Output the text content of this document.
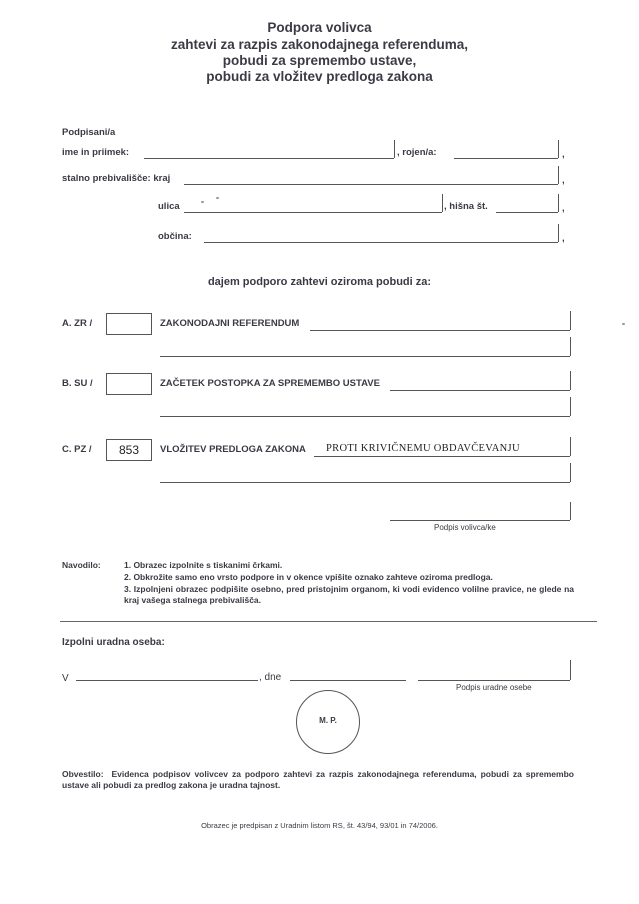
Podpora volivca
zahtevi za razpis zakonodajnega referenduma,
pobudi za spremembo ustave,
pobudi za vložitev predloga zakona
Podpisani/a
ime in priimek:	, rojen/a:	,
stalno prebivališče: kraj	,
ulica	, hišna št.	,
občina:	,
dajem podporo zahtevi oziroma pobudi za:
A. ZR /	ZAKONODAJNI REFERENDUM
B. SU /	ZAČETEK POSTOPKA ZA SPREMEMBO USTAVE
C. PZ /	853	VLOŽITEV PREDLOGA ZAKONA PROTI KRIVIČNEMU OBDAVČEVANJU
Podpis volivca/ke
Navodilo:	1. Obrazec izpolnite s tiskanimi črkami.
2. Obkrožite samo eno vrsto podpore in v okence vpišite oznako zahteve oziroma predloga.
3. Izpolnjeni obrazec podpišite osebno, pred pristojnim organom, ki vodi evidenco volilne pravice, ne glede na kraj vašega stalnega prebivališča.
Izpolni uradna oseba:
V	, dne
Podpis uradne osebe
M. P.
Obvestilo: Evidenca podpisov volivcev za podporo zahtevi za razpis zakonodajnega referenduma, pobudi za spremembo ustave ali pobudi za predlog zakona je uradna tajnost.
Obrazec je predpisan z Uradnim listom RS, št. 43/94, 93/01 in 74/2006.
